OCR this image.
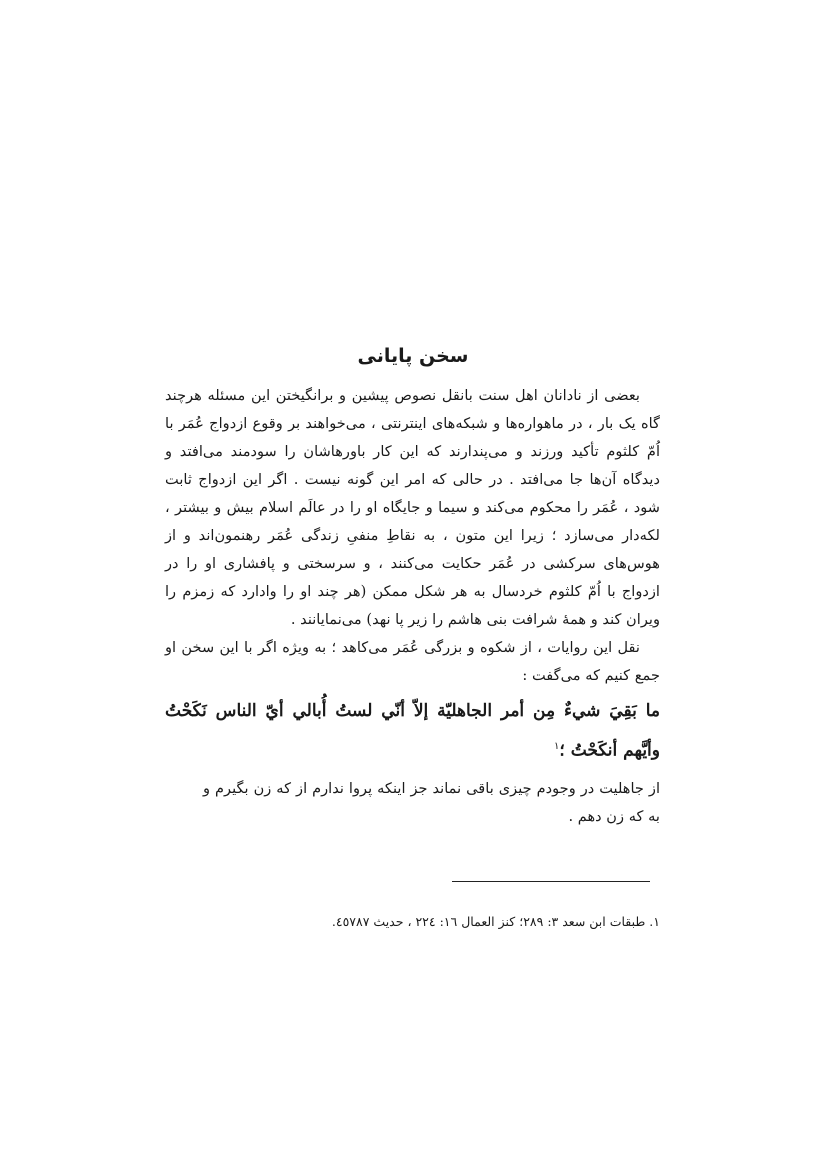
سخن پایانی

بعضی از نادانان اهل سنت بانقل نصوص پیشین و برانگیختن این مسئله هرچند گاه یک بار ، در ماهواره‌ها و شبکه‌های اینترنتی ، می‌خواهند بر وقوع ازدواج عُمَر با اُمّ کلثوم تأکید ورزند و می‌پندارند که این کار باورهاشان را سودمند می‌افتد و دیدگاه آن‌ها جا می‌افتد . در حالی که امر این گونه نیست . اگر این ازدواج ثابت شود ، عُمَر را محکوم می‌کند و سیما و جایگاه او را در عالَم اسلام بیش و بیشتر ، لکه‌دار می‌سازد ؛ زیرا این متون ، به نقاطِ منفیِ زندگی عُمَر رهنمون‌اند و از هوس‌های سرکشی در عُمَر حکایت می‌کنند ، و سرسختی و پافشاری او را در ازدواج با اُمّ کلثوم خردسال به هر شکل ممکن (هر چند او را وادارد که زمزم را ویران کند و همهٔ شرافت بنی هاشم را زیر پا نهد) می‌نمایانند .

نقل این روایات ، از شکوه و بزرگی عُمَر می‌کاهد ؛ به ویژه اگر با این سخن او جمع کنیم که می‌گفت :

ما بَقِيَ شيءٌ مِن أمر الجاهليّة إلاّ أنّي لستُ أُبالي أيّ الناس نَكَحْتُ وأيَّهم أنكَحْتُ ؛$^١$

از جاهلیت در وجودم چیزی باقی نماند جز اینکه پروا ندارم از که زن بگیرم و به که زن دهم .

١. طبقات ابن سعد ٣: ٢٨٩؛ کنز العمال ١٦: ٢٢٤ ، حدیث ٤٥٧٨٧.
